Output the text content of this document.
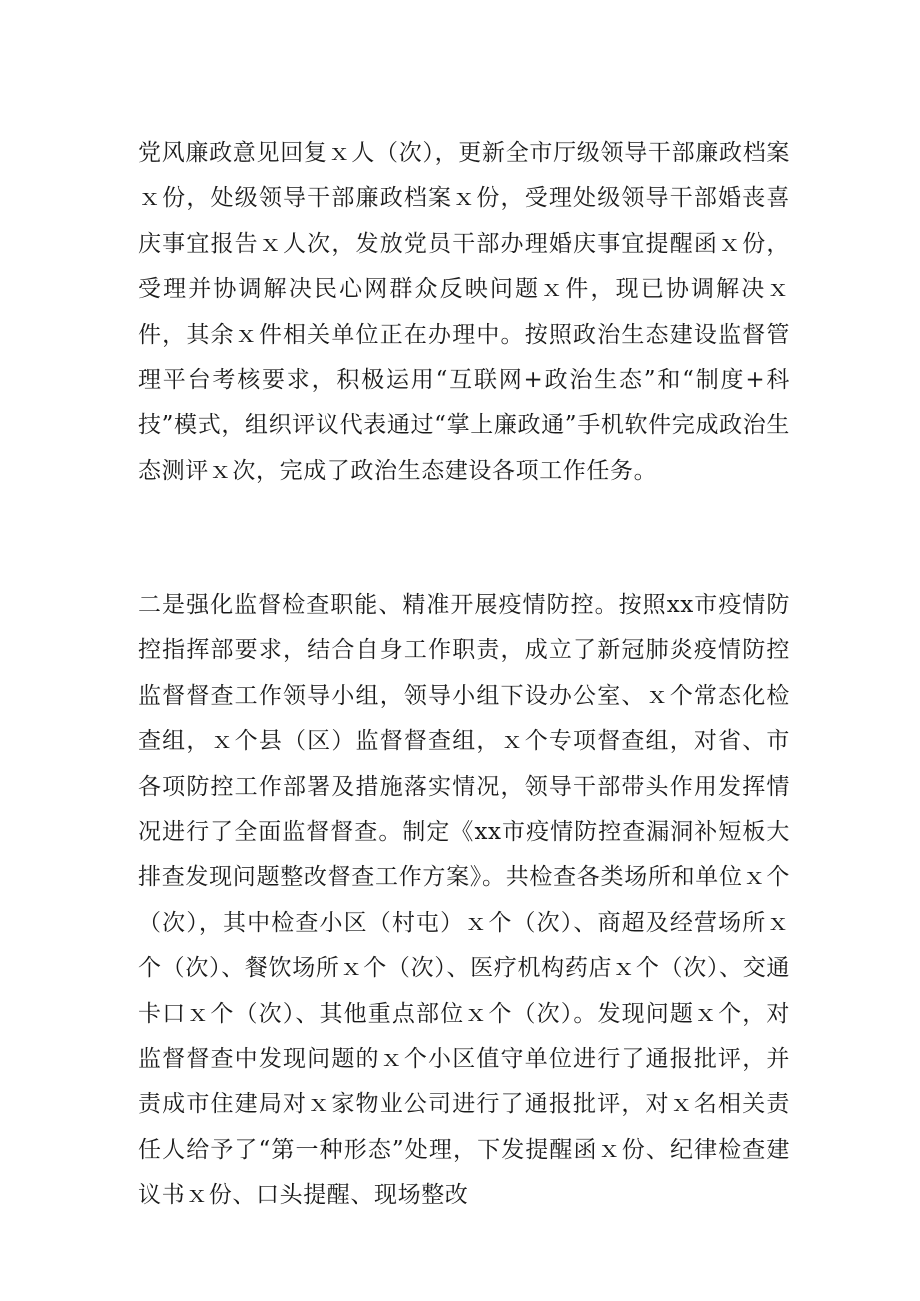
党风廉政意见回复ｘ人（次），更新全市厅级领导干部廉政档案ｘ份，处级领导干部廉政档案ｘ份，受理处级领导干部婚丧喜庆事宜报告ｘ人次，发放党员干部办理婚庆事宜提醒函ｘ份，受理并协调解决民心网群众反映问题ｘ件，现已协调解决ｘ件，其余ｘ件相关单位正在办理中。按照政治生态建设监督管理平台考核要求，积极运用“互联网+政治生态”和“制度+科技”模式，组织评议代表通过“掌上廉政通”手机软件完成政治生态测评ｘ次，完成了政治生态建设各项工作任务。

二是强化监督检查职能、精准开展疫情防控。按照xx市疫情防控指挥部要求，结合自身工作职责，成立了新冠肺炎疫情防控监督督查工作领导小组，领导小组下设办公室、ｘ个常态化检查组，ｘ个县（区）监督督查组，ｘ个专项督查组，对省、市各项防控工作部署及措施落实情况，领导干部带头作用发挥情况进行了全面监督督查。制定《xx市疫情防控查漏洞补短板大排查发现问题整改督查工作方案》。共检查各类场所和单位ｘ个（次），其中检查小区（村屯）ｘ个（次）、商超及经营场所ｘ个（次）、餐饮场所ｘ个（次）、医疗机构药店ｘ个（次）、交通卡口ｘ个（次）、其他重点部位ｘ个（次）。发现问题ｘ个，对监督督查中发现问题的ｘ个小区值守单位进行了通报批评，并责成市住建局对ｘ家物业公司进行了通报批评，对ｘ名相关责任人给予了“第一种形态”处理，下发提醒函ｘ份、纪律检查建议书ｘ份、口头提醒、现场整改
